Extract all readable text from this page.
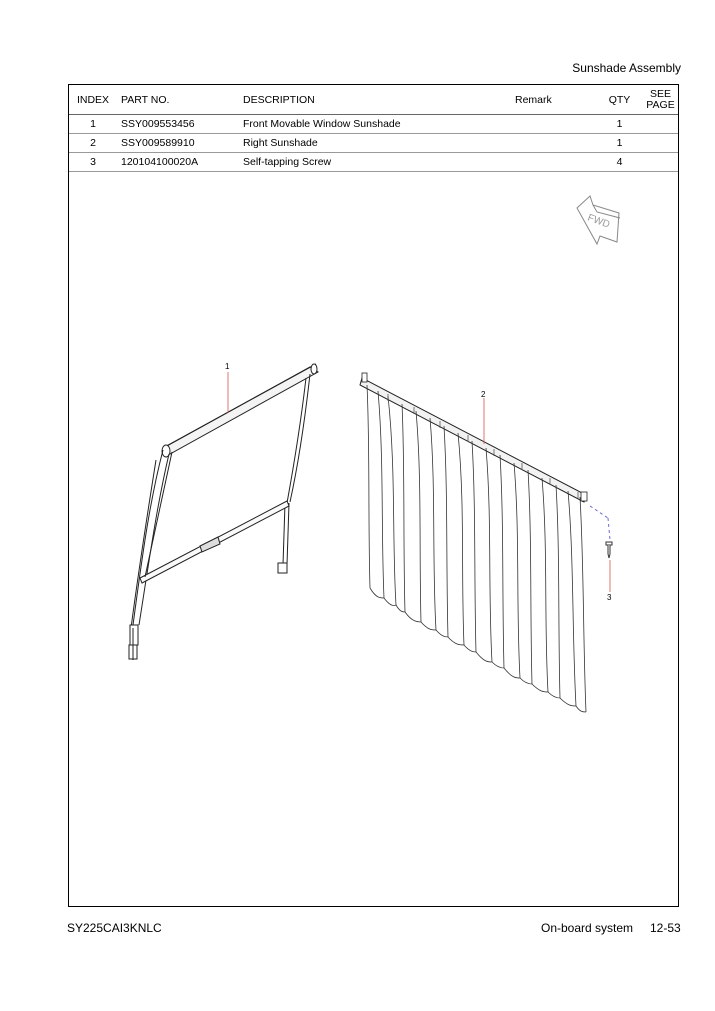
Sunshade Assembly
INDEX	PART NO.	DESCRIPTION	Remark	QTY	SEE
PAGE

1	SSY009553456	Front Movable Window Sunshade		1	
2	SSY009589910	Right Sunshade		1	
3	120104100020A	Self-tapping Screw		4	
FWD
1
2
3
SY225CAI3KNLC	On-board system 12-53
